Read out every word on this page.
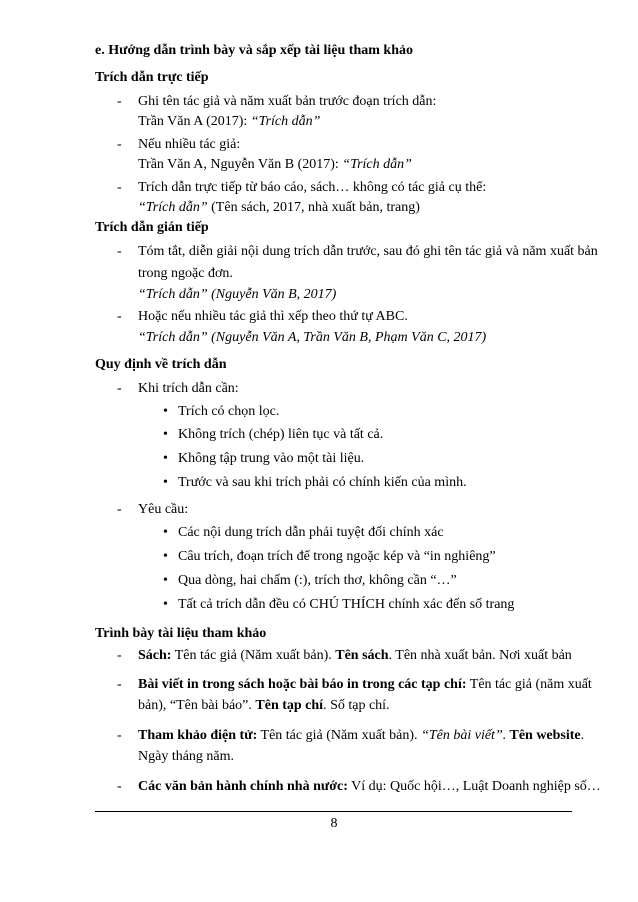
e. Hướng dẫn trình bày và sắp xếp tài liệu tham khảo
Trích dẫn trực tiếp
- Ghi tên tác giả và năm xuất bản trước đoạn trích dẫn:
Trần Văn A (2017): “Trích dẫn”
- Nếu nhiều tác giả:
Trần Văn A, Nguyễn Văn B (2017): “Trích dẫn”
- Trích dẫn trực tiếp từ báo cáo, sách… không có tác giả cụ thể:
“Trích dẫn” (Tên sách, 2017, nhà xuất bản, trang)
Trích dẫn gián tiếp
- Tóm tắt, diễn giải nội dung trích dẫn trước, sau đó ghi tên tác giả và năm xuất bản
trong ngoặc đơn.
“Trích dẫn” (Nguyễn Văn B, 2017)
- Hoặc nếu nhiều tác giả thì xếp theo thứ tự ABC.
“Trích dẫn” (Nguyễn Văn A, Trần Văn B, Phạm Văn C, 2017)
Quy định về trích dẫn
- Khi trích dẫn cần:
• Trích có chọn lọc.
• Không trích (chép) liên tục và tất cả.
• Không tập trung vào một tài liệu.
• Trước và sau khi trích phải có chính kiến của mình.
- Yêu cầu:
• Các nội dung trích dẫn phải tuyệt đối chính xác
• Câu trích, đoạn trích để trong ngoặc kép và “in nghiêng”
• Qua dòng, hai chấm (:), trích thơ, không cần “…”
• Tất cả trích dẫn đều có CHÚ THÍCH chính xác đến số trang
Trình bày tài liệu tham khảo
- Sách: Tên tác giả (Năm xuất bản). Tên sách. Tên nhà xuất bản. Nơi xuất bản
- Bài viết in trong sách hoặc bài báo in trong các tạp chí: Tên tác giả (năm xuất
bản), “Tên bài báo”. Tên tạp chí. Số tạp chí.
- Tham khảo điện tử: Tên tác giả (Năm xuất bản). “Tên bài viết”. Tên website.
Ngày tháng năm.
- Các văn bản hành chính nhà nước: Ví dụ: Quốc hội…, Luật Doanh nghiệp số…
8
